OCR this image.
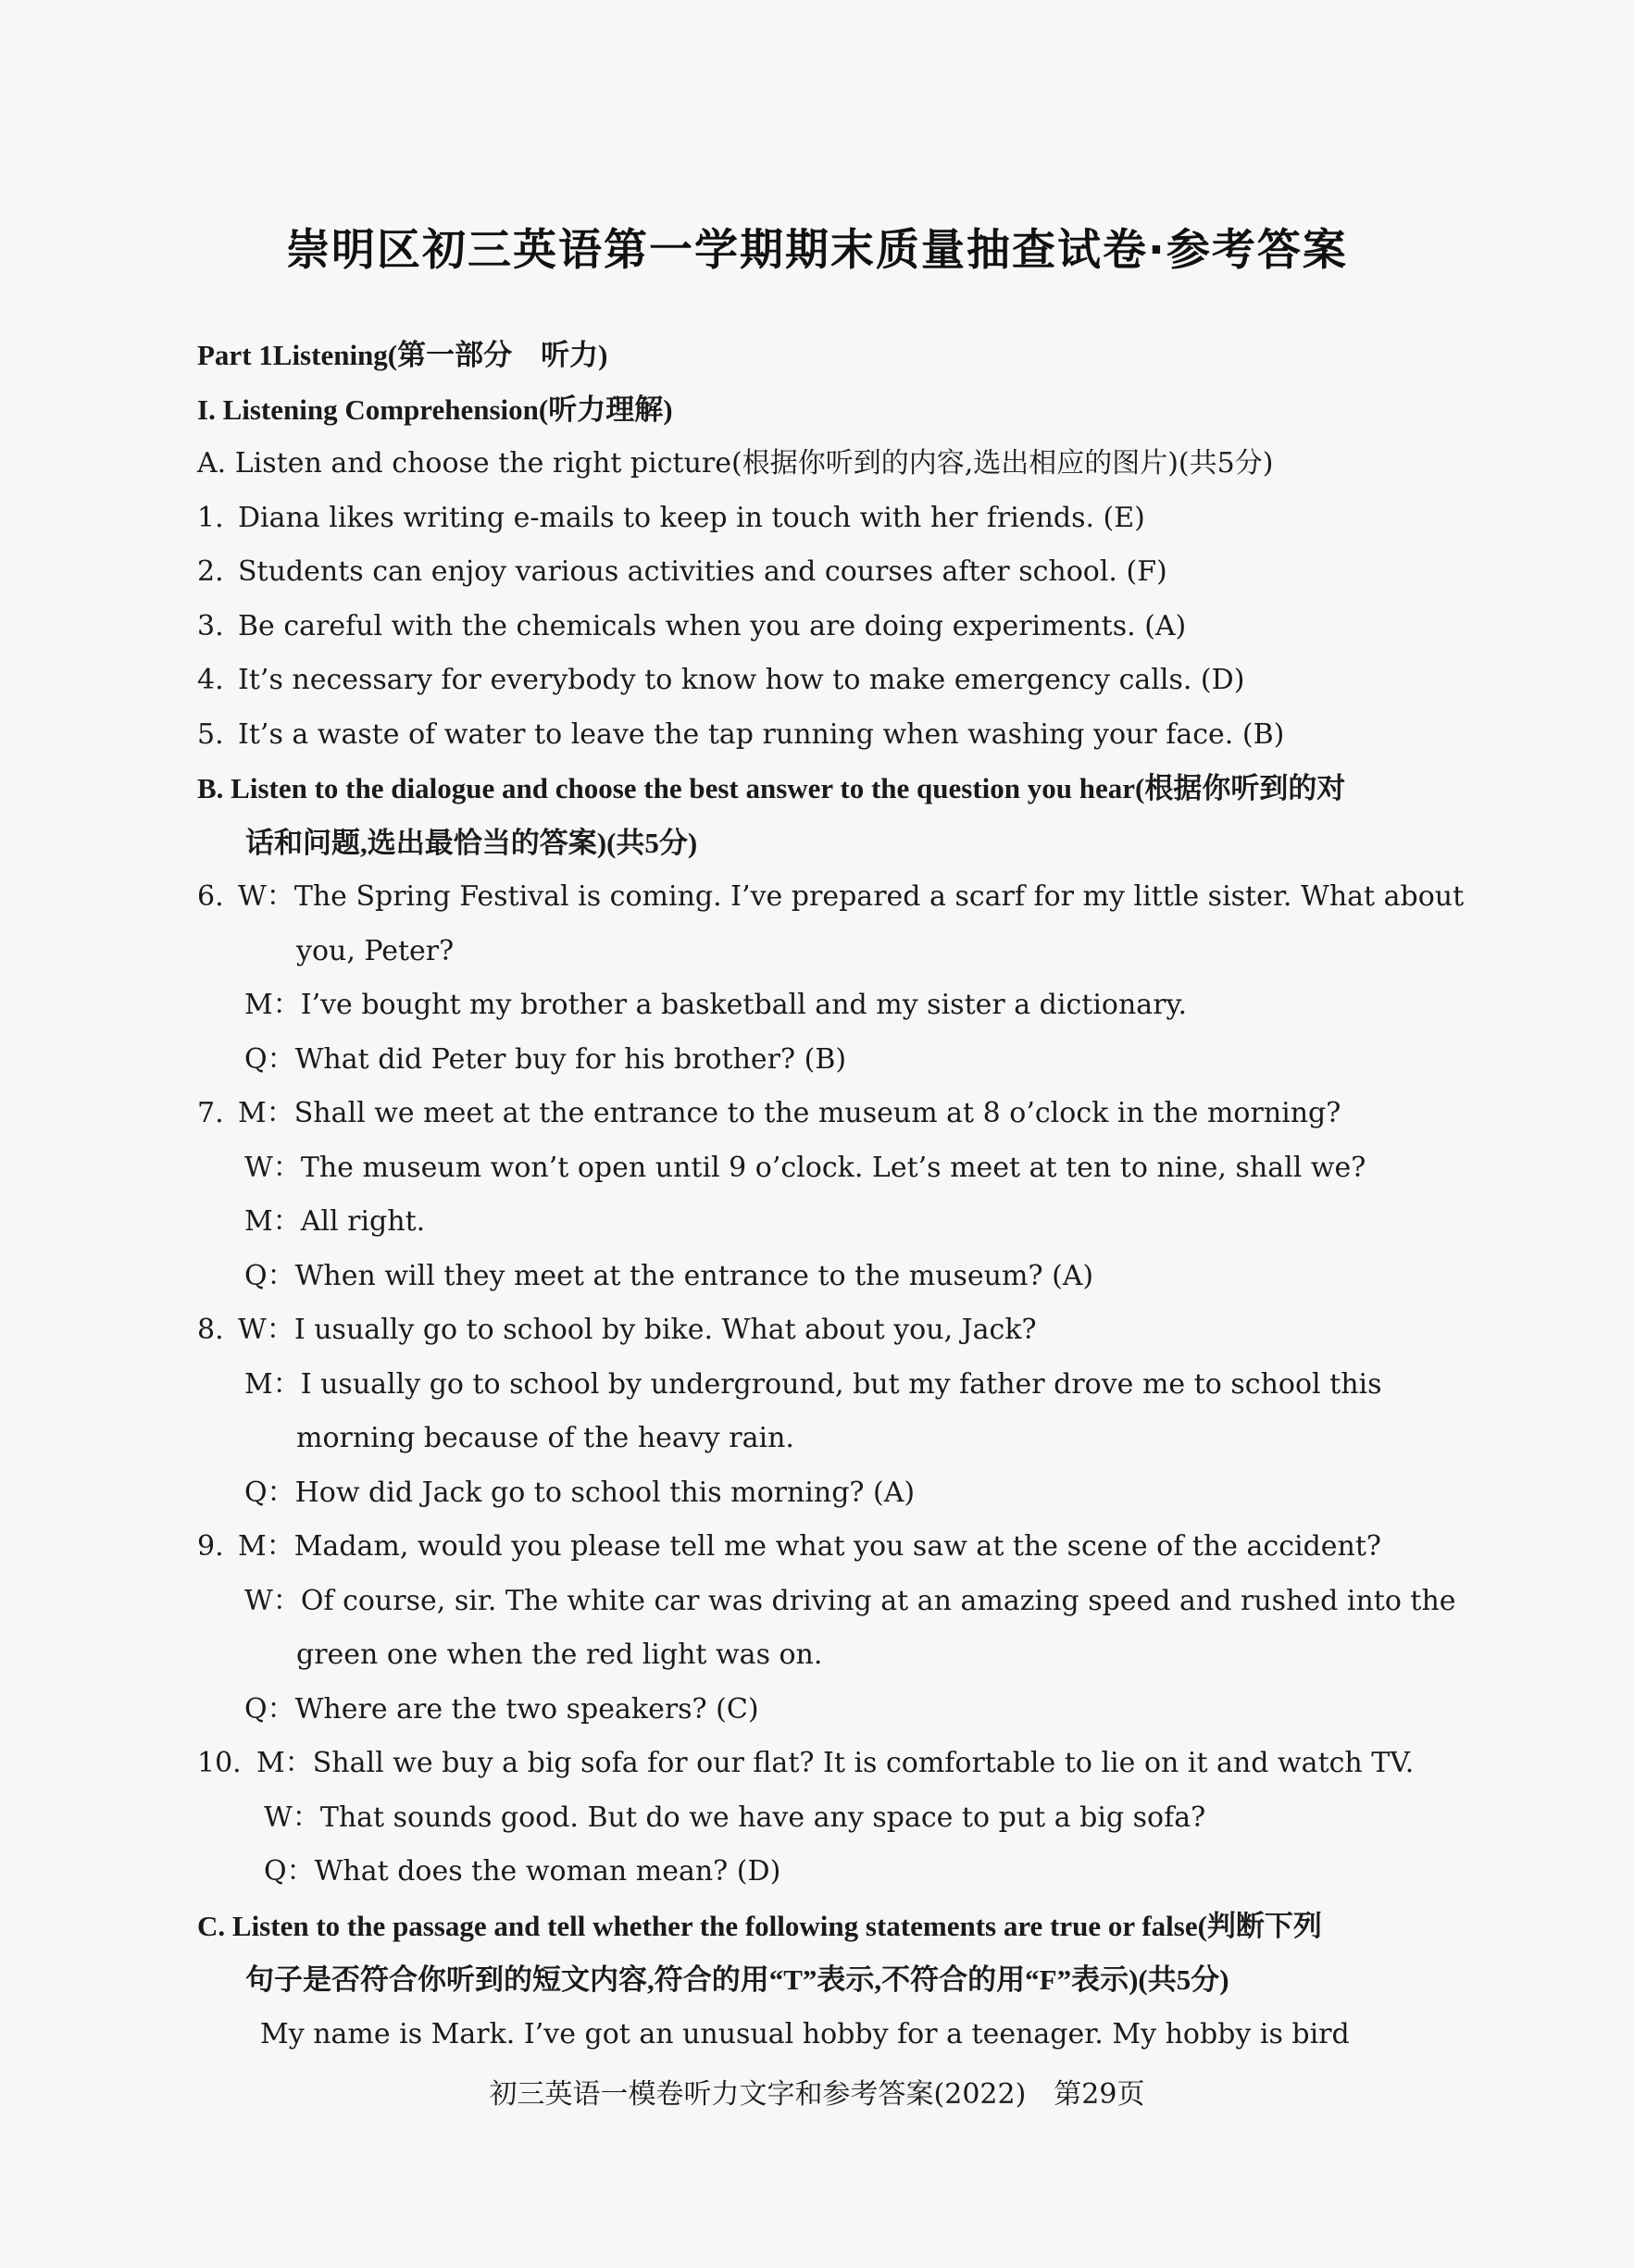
崇明区初三英语第一学期期末质量抽查试卷·参考答案
Part 1Listening(第一部分　听力)
I. Listening Comprehension(听力理解)
A. Listen and choose the right picture(根据你听到的内容,选出相应的图片)(共5分)
1. Diana likes writing e-mails to keep in touch with her friends. (E)
2. Students can enjoy various activities and courses after school. (F)
3. Be careful with the chemicals when you are doing experiments. (A)
4. It’s necessary for everybody to know how to make emergency calls. (D)
5. It’s a waste of water to leave the tap running when washing your face. (B)
B. Listen to the dialogue and choose the best answer to the question you hear(根据你听到的对
话和问题,选出最恰当的答案)(共5分)
6. W：The Spring Festival is coming. I’ve prepared a scarf for my little sister. What about
you, Peter?
M：I’ve bought my brother a basketball and my sister a dictionary.
Q：What did Peter buy for his brother? (B)
7. M：Shall we meet at the entrance to the museum at 8 o’clock in the morning?
W：The museum won’t open until 9 o’clock. Let’s meet at ten to nine, shall we?
M：All right.
Q：When will they meet at the entrance to the museum? (A)
8. W：I usually go to school by bike. What about you, Jack?
M：I usually go to school by underground, but my father drove me to school this
morning because of the heavy rain.
Q：How did Jack go to school this morning? (A)
9. M：Madam, would you please tell me what you saw at the scene of the accident?
W：Of course, sir. The white car was driving at an amazing speed and rushed into the
green one when the red light was on.
Q：Where are the two speakers? (C)
10. M：Shall we buy a big sofa for our flat? It is comfortable to lie on it and watch TV.
W：That sounds good. But do we have any space to put a big sofa?
Q：What does the woman mean? (D)
C. Listen to the passage and tell whether the following statements are true or false(判断下列
句子是否符合你听到的短文内容,符合的用“T”表示,不符合的用“F”表示)(共5分)
My name is Mark. I’ve got an unusual hobby for a teenager. My hobby is bird
初三英语一模卷听力文字和参考答案(2022)　第29页
